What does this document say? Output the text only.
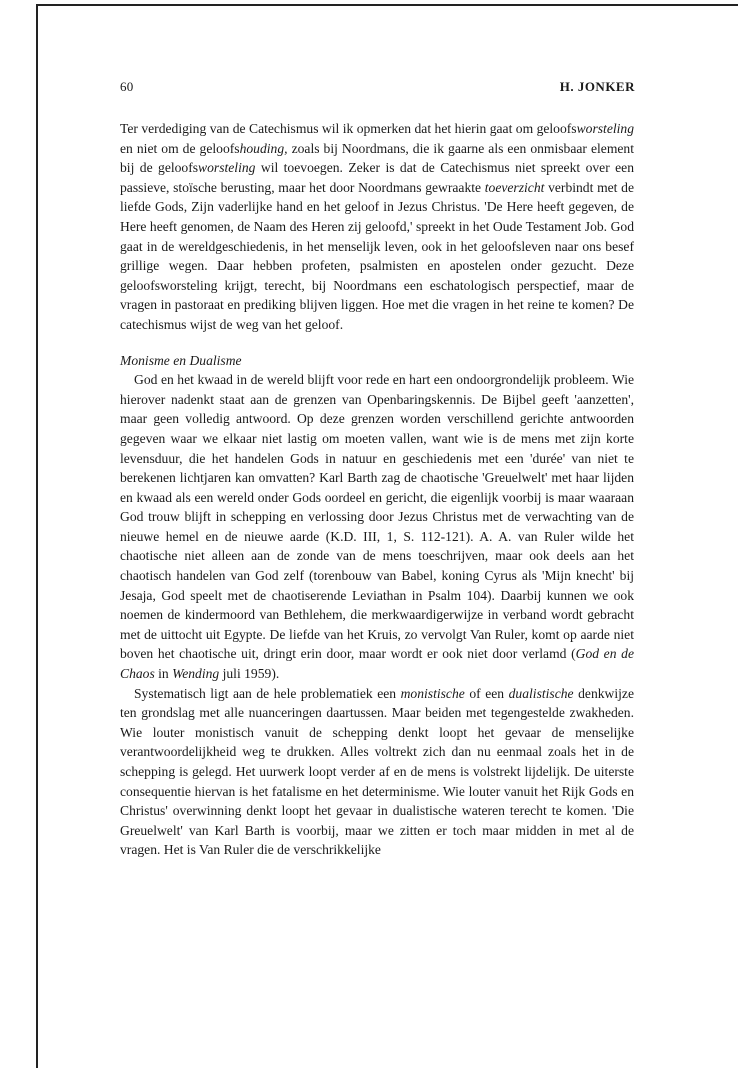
60	H. JONKER

Ter verdediging van de Catechismus wil ik opmerken dat het hierin gaat om geloofsworsteling en niet om de geloofshouding, zoals bij Noordmans, die ik gaarne als een onmisbaar element bij de geloofsworsteling wil toevoegen. Zeker is dat de Catechismus niet spreekt over een passieve, stoïsche berusting, maar het door Noordmans gewraakte toeverzicht verbindt met de liefde Gods, Zijn vaderlijke hand en het geloof in Jezus Christus. 'De Here heeft gegeven, de Here heeft genomen, de Naam des Heren zij geloofd,' spreekt in het Oude Testament Job. God gaat in de wereldgeschiedenis, in het menselijk leven, ook in het geloofsleven naar ons besef grillige wegen. Daar hebben profeten, psalmisten en apostelen onder gezucht. Deze geloofsworsteling krijgt, terecht, bij Noordmans een eschatologisch perspectief, maar de vragen in pastoraat en prediking blijven liggen. Hoe met die vragen in het reine te komen? De catechismus wijst de weg van het geloof.

Monisme en Dualisme

God en het kwaad in de wereld blijft voor rede en hart een ondoorgrondelijk probleem. Wie hierover nadenkt staat aan de grenzen van Openbaringskennis. De Bijbel geeft 'aanzetten', maar geen volledig antwoord. Op deze grenzen worden verschillend gerichte antwoorden gegeven waar we elkaar niet lastig om moeten vallen, want wie is de mens met zijn korte levensduur, die het handelen Gods in natuur en geschiedenis met een 'durée' van niet te berekenen lichtjaren kan omvatten? Karl Barth zag de chaotische 'Greuelwelt' met haar lijden en kwaad als een wereld onder Gods oordeel en gericht, die eigenlijk voorbij is maar waaraan God trouw blijft in schepping en verlossing door Jezus Christus met de verwachting van de nieuwe hemel en de nieuwe aarde (K.D. III, 1, S. 112-121). A. A. van Ruler wilde het chaotische niet alleen aan de zonde van de mens toeschrijven, maar ook deels aan het chaotisch handelen van God zelf (torenbouw van Babel, koning Cyrus als 'Mijn knecht' bij Jesaja, God speelt met de chaotiserende Leviathan in Psalm 104). Daarbij kunnen we ook noemen de kindermoord van Bethlehem, die merkwaardigerwijze in verband wordt gebracht met de uittocht uit Egypte. De liefde van het Kruis, zo vervolgt Van Ruler, komt op aarde niet boven het chaotische uit, dringt erin door, maar wordt er ook niet door verlamd (God en de Chaos in Wending juli 1959).

Systematisch ligt aan de hele problematiek een monistische of een dualistische denkwijze ten grondslag met alle nuanceringen daartussen. Maar beiden met tegengestelde zwakheden. Wie louter monistisch vanuit de schepping denkt loopt het gevaar de menselijke verantwoordelijkheid weg te drukken. Alles voltrekt zich dan nu eenmaal zoals het in de schepping is gelegd. Het uurwerk loopt verder af en de mens is volstrekt lijdelijk. De uiterste consequentie hiervan is het fatalisme en het determinisme. Wie louter vanuit het Rijk Gods en Christus' overwinning denkt loopt het gevaar in dualistische wateren terecht te komen. 'Die Greuelwelt' van Karl Barth is voorbij, maar we zitten er toch maar midden in met al de vragen. Het is Van Ruler die de verschrikkelijke
